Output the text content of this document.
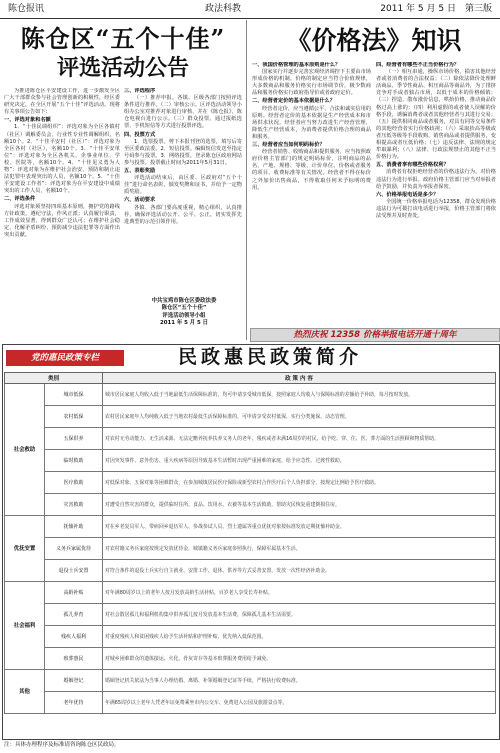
陈仓报讯	政法科教	2011 年 5 月 5 日　 第三版
陈仓区“五个十佳”
评选活动公告

为推进陈仓区平安建设工作，进一步激发全区广大干部群众参与社会管理创新的积极性，经区委研究决定，在全区开展“五个十佳”评选活动。现将有关事项公告如下：

一、评选对象和名额

1．“十佳民调组织”：评选对象为全区各镇村（社区）调解委员会、行业性专业性调解组织，名额10个。2．“十佳平安村（社区）”：评选对象为全区各村（社区），名额10个。3．“十佳平安单位”：评选对象为全区各机关、企事业单位、学校、医院等，名额10个。4．“十佳见义勇为人物”：评选对象为在维护社会治安、预防和制止违法犯罪中表现突出的人员，名额10个。5．“十佳平安建设工作者”：评选对象为在平安建设中成绩突出的工作人员，名额10个。

二、评选条件

评选对象须坚持四项基本原则，拥护党的路线方针政策，遵纪守法，作风正派；认真履行职责，工作成效显著，得到群众广泛认可；在维护社会稳定、化解矛盾纠纷、预防减少违法犯罪等方面作出突出贡献。

三、评选程序

（一）推荐申报。各镇、区级各部门按照评选条件进行推荐。（二）审核公示。区评选活动领导小组办公室对推荐对象进行审核，并在《陈仓报》、陈仓电视台进行公示。（三）群众投票。通过报纸选票、手机短信等方式进行投票评选。

四、投票方式

1．选票投票。剪下本报刊登的选票，填写后寄至区委政法委。2．短信投票。编辑短信发送至指定号码参与投票。3．网络投票。登录陈仓区政府网站参与投票。投票截止时间为2011年5月31日。

五、表彰奖励

评选活动结束后，由区委、区政府对“五个十佳”进行命名表彰，颁发奖牌和证书，并给予一定物质奖励。

六、活动要求

各镇、各部门要高度重视，精心组织，认真推荐，确保评选活动公开、公平、公正，切实发挥先进典型的示范引领作用。

中共宝鸡市陈仓区委政法委
陈仓区“五个十佳”
评选活动领导小组
2011 年 5 月 5 日
《价格法》知识
一、我国价格管理的基本原则是什么？

国家实行并逐步完善宏观经济调控下主要由市场形成价格的机制。价格的制定应当符合价值规律，大多数商品和服务价格实行市场调节价，极少数商品和服务价格实行政府指导价或者政府定价。

二、经营者定价的基本依据是什么？

经营者定价，应当遵循公平、合法和诚实信用的原则。经营者定价的基本依据是生产经营成本和市场供求状况。经营者应当努力改进生产经营管理，降低生产经营成本，为消费者提供价格合理的商品和服务。

三、经营者应当如何明码标价？

经营者销售、收购商品和提供服务，应当按照政府价格主管部门的规定明码标价，注明商品的品名、产地、规格、等级、计价单位、价格或者服务的项目、收费标准等有关情况。经营者不得在标价之外加价出售商品，不得收取任何未予标明的费用。

四、经营者有哪些不正当价格行为？

（一）相互串通，操纵市场价格，损害其他经营者或者消费者的合法权益；（二）除依法降价处理鲜活商品、季节性商品、积压商品等商品外，为了排挤竞争对手或者独占市场，以低于成本的价格倾销；（三）捏造、散布涨价信息，哄抬价格，推动商品价格过高上涨的；（四）利用虚假的或者使人误解的价格手段，诱骗消费者或者其他经营者与其进行交易；（五）提供相同商品或者服务，对具有同等交易条件的其他经营者实行价格歧视；（六）采取抬高等级或者压低等级等手段收购、销售商品或者提供服务，变相提高或者压低价格；（七）违反法律、法规的规定牟取暴利；（八）法律、行政法规禁止的其他不正当价格行为。

五、消费者享有哪些价格权利？

消费者有权拒绝经营者的价格违法行为，对价格违法行为进行举报。政府价格主管部门应当对举报者给予鼓励，并负责为举报者保密。

六、价格举报电话是多少？

全国统一价格举报电话为12358，群众发现价格违法行为可拨打该电话进行举报，价格主管部门将依法受理并及时查处。

热烈庆祝 12358 价格举报电话开通十周年
党的惠民政策专栏	民政惠民政策简介
类别		政 策 内 容
社会救助	城市低保	城市居民家庭人均收入低于当地最低生活保障标准的，均可申请享受城市低保，按照家庭人均收入与保障标准的差额给予补助，每月按时发放。
	农村低保	农村居民家庭年人均纯收入低于当地农村最低生活保障标准的，可申请享受农村低保，实行分类施保、动态管理。
	五保供养	对农村无劳动能力、无生活来源、无法定赡养抚养扶养义务人的老年、残疾或者未满16周岁的村民，给予吃、穿、住、医、葬方面的生活照顾和物质帮助。
	临时救助	对因突发事件、意外伤害、重大疾病等原因导致基本生活暂时出现严重困难的家庭，给予应急性、过渡性救助。
	医疗救助	对低保对象、五保对象等困难群众，在参加城镇居民医疗保险或新型农村合作医疗后个人负担部分，按规定比例给予医疗救助。
	灾害救助	对遭受自然灾害的群众，提供临时住所、食品、饮用水、衣被等基本生活救助，帮助灾民恢复重建倒损住房。
优抚安置	抚恤补助	对在乡老复员军人、带病回乡退伍军人、参战参试人员、烈士遗属等重点优抚对象按标准发放定期抚恤补助金。
	义务兵家属优待	对农村籍义务兵家庭按规定发放优待金，城镇籍义务兵家庭参照执行，保障军属基本生活。
	退役士兵安置	对符合条件的退役士兵实行自主就业、安排工作、退休、供养等方式妥善安置，发放一次性经济补助金。
社会福利	高龄补贴	对年满80周岁以上的老年人按月发放高龄生活补贴，百岁老人享受长寿补贴。
	孤儿养育	对社会散居孤儿和福利机构集中供养孤儿按月发放基本生活费，保障孤儿基本生活需要。
	残疾人福利	对重度残疾人和贫困残疾人给予生活补贴和护理补贴，优先纳入低保范围。
	殡葬惠民	对城乡困难群众的遗体接运、火化、骨灰寄存等基本殡葬服务费用给予减免。
其他	婚姻登记	婚姻登记机关依法为当事人办理结婚、离婚、补领婚姻登记证等手续，严格执行收费标准。
	老年优待	年满65周岁以上老年人凭老年证免费乘坐市内公交车、免费进入公园及旅游景点等。
注：具体办理程序及标准请咨询陈仓区民政局。
